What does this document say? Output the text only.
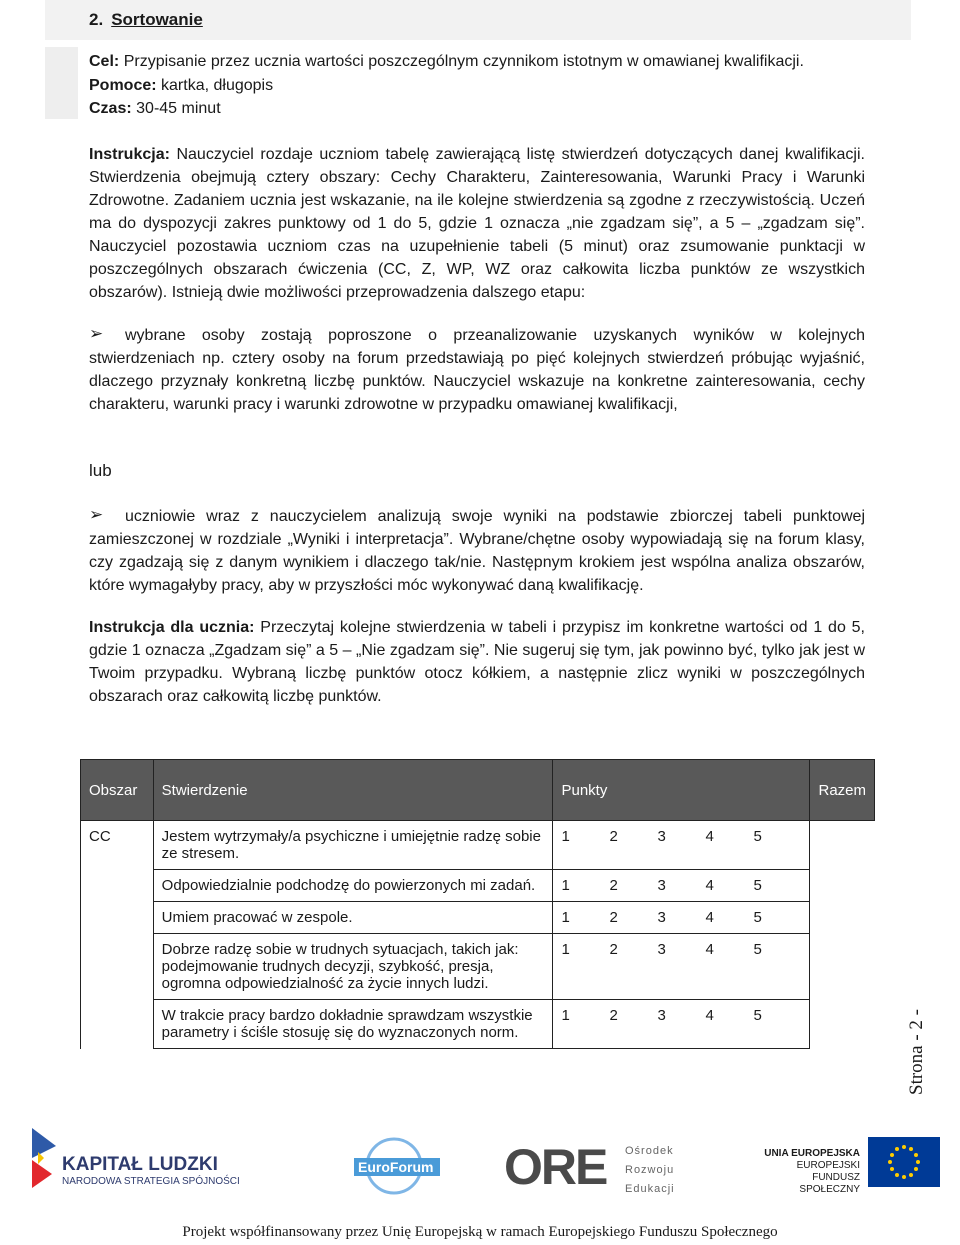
2. Sortowanie
Cel: Przypisanie przez ucznia wartości poszczególnym czynnikom istotnym w omawianej kwalifikacji.
Pomoce: kartka, długopis
Czas: 30-45 minut
Instrukcja: Nauczyciel rozdaje uczniom tabelę zawierającą listę stwierdzeń dotyczących danej kwalifikacji. Stwierdzenia obejmują cztery obszary: Cechy Charakteru, Zainteresowania, Warunki Pracy i Warunki Zdrowotne. Zadaniem ucznia jest wskazanie, na ile kolejne stwierdzenia są zgodne z rzeczywistością. Uczeń ma do dyspozycji zakres punktowy od 1 do 5, gdzie 1 oznacza „nie zgadzam się”, a 5 – „zgadzam się”. Nauczyciel pozostawia uczniom czas na uzupełnienie tabeli (5 minut) oraz zsumowanie punktacji w poszczególnych obszarach ćwiczenia (CC, Z, WP, WZ oraz całkowita liczba punktów ze wszystkich obszarów). Istnieją dwie możliwości przeprowadzenia dalszego etapu:
➢	wybrane osoby zostają poproszone o przeanalizowanie uzyskanych wyników w kolejnych stwierdzeniach np. cztery osoby na forum przedstawiają po pięć kolejnych stwierdzeń próbując wyjaśnić, dlaczego przyznały konkretną liczbę punktów. Nauczyciel wskazuje na konkretne zainteresowania, cechy charakteru, warunki pracy i warunki zdrowotne w przypadku omawianej kwalifikacji,
lub
➢	uczniowie wraz z nauczycielem analizują swoje wyniki na podstawie zbiorczej tabeli punktowej zamieszczonej w rozdziale „Wyniki i interpretacja”. Wybrane/chętne osoby wypowiadają się na forum klasy, czy zgadzają się z danym wynikiem i dlaczego tak/nie. Następnym krokiem jest wspólna analiza obszarów, które wymagałyby pracy, aby w przyszłości móc wykonywać daną kwalifikację.
Instrukcja dla ucznia: Przeczytaj kolejne stwierdzenia w tabeli i przypisz im konkretne wartości od 1 do 5, gdzie 1 oznacza „Zgadzam się” a 5 – „Nie zgadzam się”. Nie sugeruj się tym, jak powinno być, tylko jak jest w Twoim przypadku. Wybraną liczbę punktów otocz kółkiem, a następnie zlicz wyniki w poszczególnych obszarach oraz całkowitą liczbę punktów.
Obszar	Stwierdzenie	Punkty	Razem
CC	Jestem wytrzymały/a psychiczne i umiejętnie radzę sobie ze stresem.	1 2 3 4 5	

	Odpowiedzialnie podchodzę do powierzonych mi zadań.	1 2 3 4 5	

	Umiem pracować w zespole.	1 2 3 4 5	

	Dobrze radzę sobie w trudnych sytuacjach, takich jak: podejmowanie trudnych decyzji, szybkość, presja, ogromna odpowiedzialność za życie innych ludzi.	1 2 3 4 5	

	W trakcie pracy bardzo dokładnie sprawdzam wszystkie parametry i ściśle stosuję się do wyznaczonych norm.	1 2 3 4 5		Strona - 2 -
KAPITAŁ LUDZKI
NARODOWA STRATEGIA SPÓJNOŚCI
EuroForum ORE Ośrodek
Rozwoju
Edukacji
UNIA EUROPEJSKA
EUROPEJSKI
FUNDUSZ SPOŁECZNY
Projekt współfinansowany przez Unię Europejską w ramach Europejskiego Funduszu Społecznego
